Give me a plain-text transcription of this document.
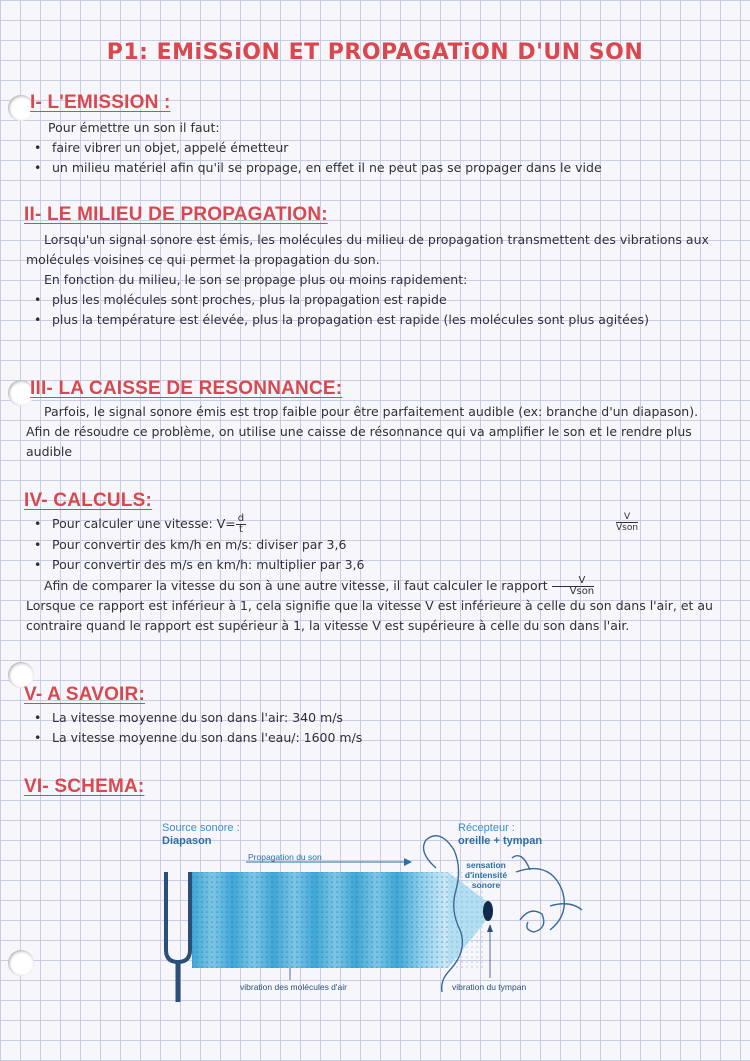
P1: EMiSSiON ET PROPAGATiON D'UN SON
I- L'EMISSION :
Pour émettre un son il faut:
• faire vibrer un objet, appelé émetteur
• un milieu matériel afin qu'il se propage, en effet il ne peut pas se propager dans le vide
II- LE MILIEU DE PROPAGATION:
Lorsqu'un signal sonore est émis, les molécules du milieu de propagation transmettent des vibrations aux molécules voisines ce qui permet la propagation du son.
En fonction du milieu, le son se propage plus ou moins rapidement:
• plus les molécules sont proches, plus la propagation est rapide
• plus la température est élevée, plus la propagation est rapide (les molécules sont plus agitées)
III- LA CAISSE DE RESONNANCE:
Parfois, le signal sonore émis est trop faible pour être parfaitement audible (ex: branche d'un diapason). Afin de résoudre ce problème, on utilise une caisse de résonnance qui va amplifier le son et le rendre plus audible
IV- CALCULS:
• Pour calculer une vitesse: $V= \frac{d}{t}$
• Pour convertir des km/h en m/s: diviser par 3,6
• Pour convertir des m/s en km/h: multiplier par 3,6
V
Vson
Afin de comparer la vitesse du son à une autre vitesse, il faut calculer le rapport $\frac{V}{\text{Vson}}$
Lorsque ce rapport est inférieur à 1, cela signifie que la vitesse V est inférieure à celle du son dans l'air, et au contraire quand le rapport est supérieur à 1, la vitesse V est supérieure à celle du son dans l'air.
V- A SAVOIR:
• La vitesse moyenne du son dans l'air: 340 m/s
• La vitesse moyenne du son dans l'eau/: 1600 m/s
VI- SCHEMA:
Source sonore :
Diapason
Récepteur :
oreille + tympan
Propagation du son
sensation d'intensité sonore
vibration des molécules d'air	vibration du tympan
